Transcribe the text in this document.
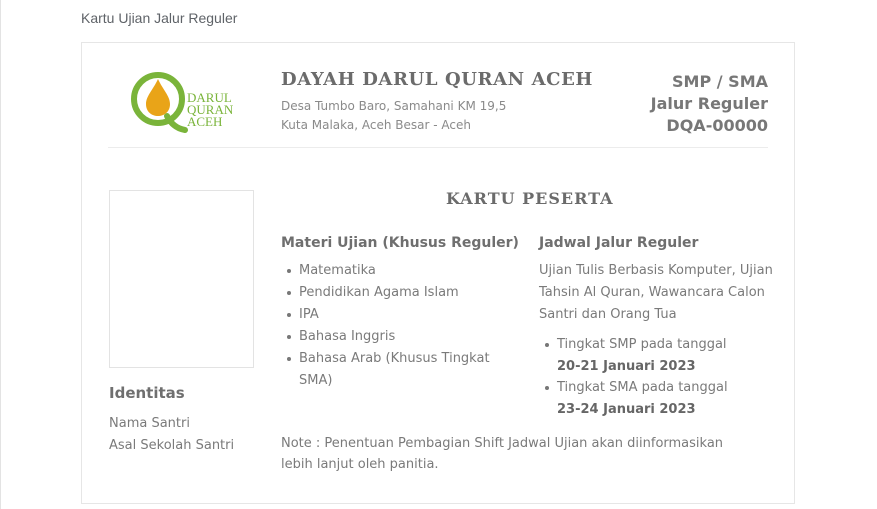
Kartu Ujian Jalur Reguler
DARUL
QURAN
ACEH
DAYAH DARUL QURAN ACEH
Desa Tumbo Baro, Samahani KM 19,5
Kuta Malaka, Aceh Besar - Aceh
SMP / SMA
Jalur Reguler
DQA-00000
Identitas
Nama Santri
Asal Sekolah Santri
KARTU PESERTA
Materi Ujian (Khusus Reguler)
Matematika
Pendidikan Agama Islam
IPA
Bahasa Inggris
Bahasa Arab (Khusus Tingkat SMA)
Jadwal Jalur Reguler

Ujian Tulis Berbasis Komputer, Ujian Tahsin Al Quran, Wawancara Calon Santri dan Orang Tua

Tingkat SMP pada tanggal
20-21 Januari 2023
Tingkat SMA pada tanggal
23-24 Januari 2023
Note : Penentuan Pembagian Shift Jadwal Ujian akan diinformasikan lebih lanjut oleh panitia.
